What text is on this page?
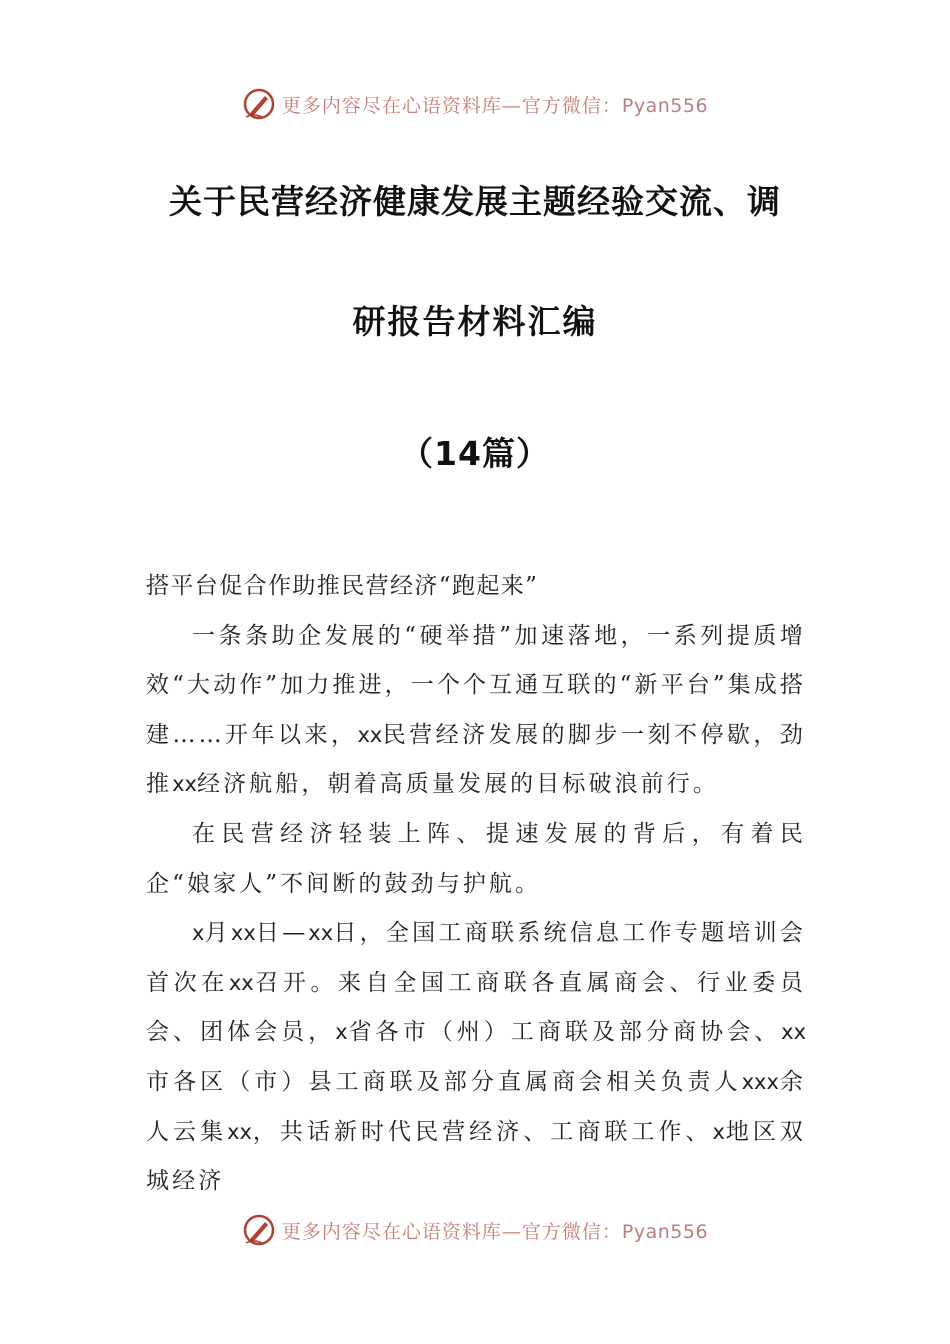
更多内容尽在心语资料库—官方微信：Pyan556
关于民营经济健康发展主题经验交流、调
研报告材料汇编
（14篇）

搭平台促合作助推民营经济“跑起来”

一条条助企发展的“硬举措”加速落地，一系列提质增效“大动作”加力推进，一个个互通互联的“新平台”集成搭建……开年以来，xx民营经济发展的脚步一刻不停歇，劲推xx经济航船，朝着高质量发展的目标破浪前行。

在民营经济轻装上阵、提速发展的背后，有着民企“娘家人”不间断的鼓劲与护航。

x月xx日—xx日，全国工商联系统信息工作专题培训会首次在xx召开。来自全国工商联各直属商会、行业委员会、团体会员，x省各市（州）工商联及部分商协会、xx市各区（市）县工商联及部分直属商会相关负责人xxx余人云集xx，共话新时代民营经济、工商联工作、x地区双城经济

更多内容尽在心语资料库—官方微信：Pyan556
